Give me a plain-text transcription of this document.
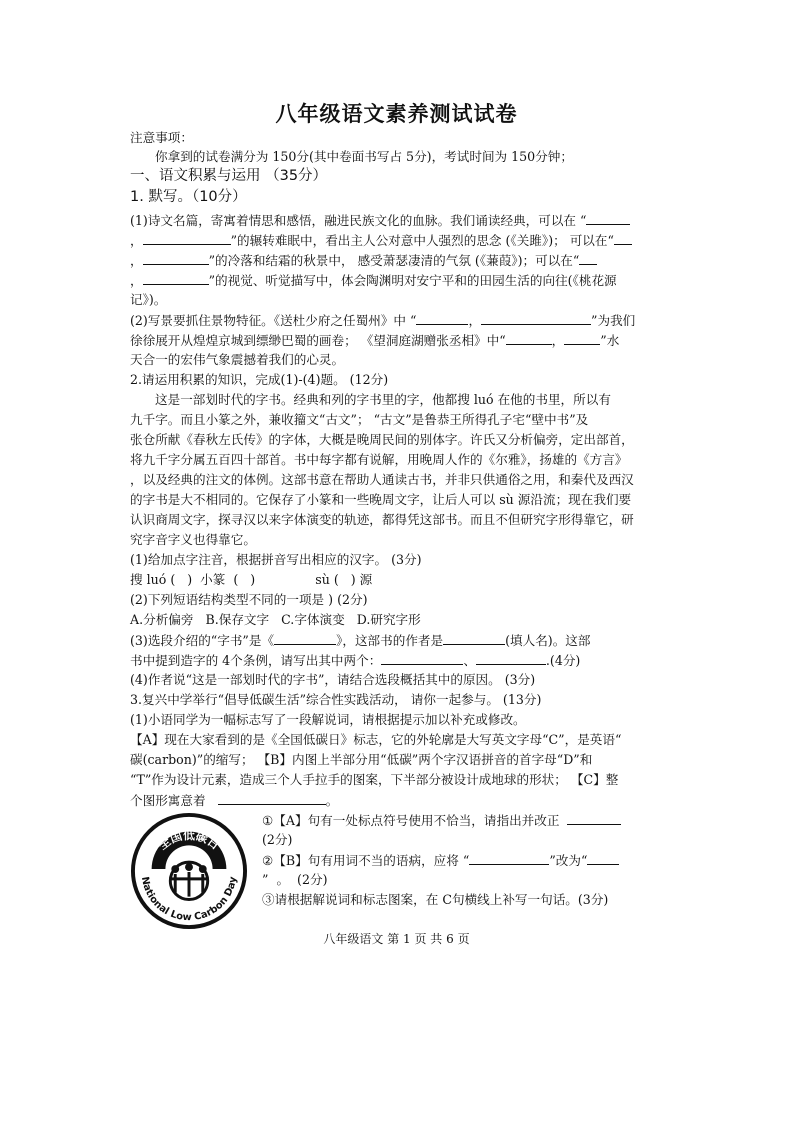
八年级语文素养测试试卷
注意事项：
你拿到的试卷满分为 150分(其中卷面书写占 5分)，考试时间为 150分钟；
一、语文积累与运用 （35分）
1. 默写。（10分）
(1)诗文名篇，寄寓着情思和感悟，融进民族文化的血脉。我们诵读经典，可以在 “
，	”的辗转难眠中，看出主人公对意中人强烈的思念 (《关雎》)； 可以在“
，	”的冷落和结霜的秋景中， 感受萧瑟凄清的气氛 (《蒹葭》)；可以在“
，	”的视觉、听觉描写中，体会陶渊明对安宁平和的田园生活的向往(《桃花源
记》)。
(2)写景要抓住景物特征。《送杜少府之任蜀州》中 “	，	”为我们
徐徐展开从煌煌京城到缥缈巴蜀的画卷； 《望洞庭湖赠张丞相》中“	，	”水
天合一的宏伟气象震撼着我们的心灵。
2.请运用积累的知识，完成(1)-(4)题。 (12分)
这是一部划时代的字书。经典和列的字书里的字，他都搜 luó 在他的书里，所以有
九千字。而且小篆之外，兼收籀文“古文”； “古文”是鲁恭王所得孔子宅“壁中书”及
张仓所献《春秋左氏传》的字体，大概是晚周民间的别体字。许氏又分析偏旁，定出部首，
将九千字分属五百四十部首。书中每字都有说解，用晚周人作的《尔雅》，扬雄的《方言》
，以及经典的注文的体例。这部书意在帮助人通读古书，并非只供通俗之用，和秦代及西汉
的字书是大不相同的。它保存了小篆和一些晚周文字，让后人可以 sù 源沿流；现在我们要
认识商周文字，探寻汉以来字体演变的轨迹，都得凭这部书。而且不但研究字形得靠它，研
究字音字义也得靠它。
(1)给加点字注音，根据拼音写出相应的汉字。 (3分)
搜 luó (   )  小篆  (   )               sù (   ) 源
(2)下列短语结构类型不同的一项是 ) (2分)
A.分析偏旁   B.保存文字   C.字体演变   D.研究字形
(3)选段介绍的“字书”是《	》，这部书的作者是	(填人名)。这部
书中提到造字的 4个条例，请写出其中两个：	、	.(4分)
(4)作者说“这是一部划时代的字书”，请结合选段概括其中的原因。 (3分)
3.复兴中学举行“倡导低碳生活”综合性实践活动， 请你一起参与。 (13分)
(1)小语同学为一幅标志写了一段解说词，请根据提示加以补充或修改。
【A】现在大家看到的是《全国低碳日》标志，它的外轮廓是大写英文字母“C”，是英语“
碳(carbon)”的缩写； 【B】内图上半部分用“低碳”两个字汉语拼音的首字母“D”和
“T”作为设计元素，造成三个人手拉手的图案，下半部分被设计成地球的形状； 【C】整
个图形寓意着	。
全国低碳日
National Low Carbon Day
①【A】句有一处标点符号使用不恰当，请指出并改正
(2分)
②【B】句有用词不当的语病，应将 “	”改为“
”  。  (2分)
③请根据解说词和标志图案，在 C句横线上补写一句话。(3分)
八年级语文 第 1 页 共 6 页
